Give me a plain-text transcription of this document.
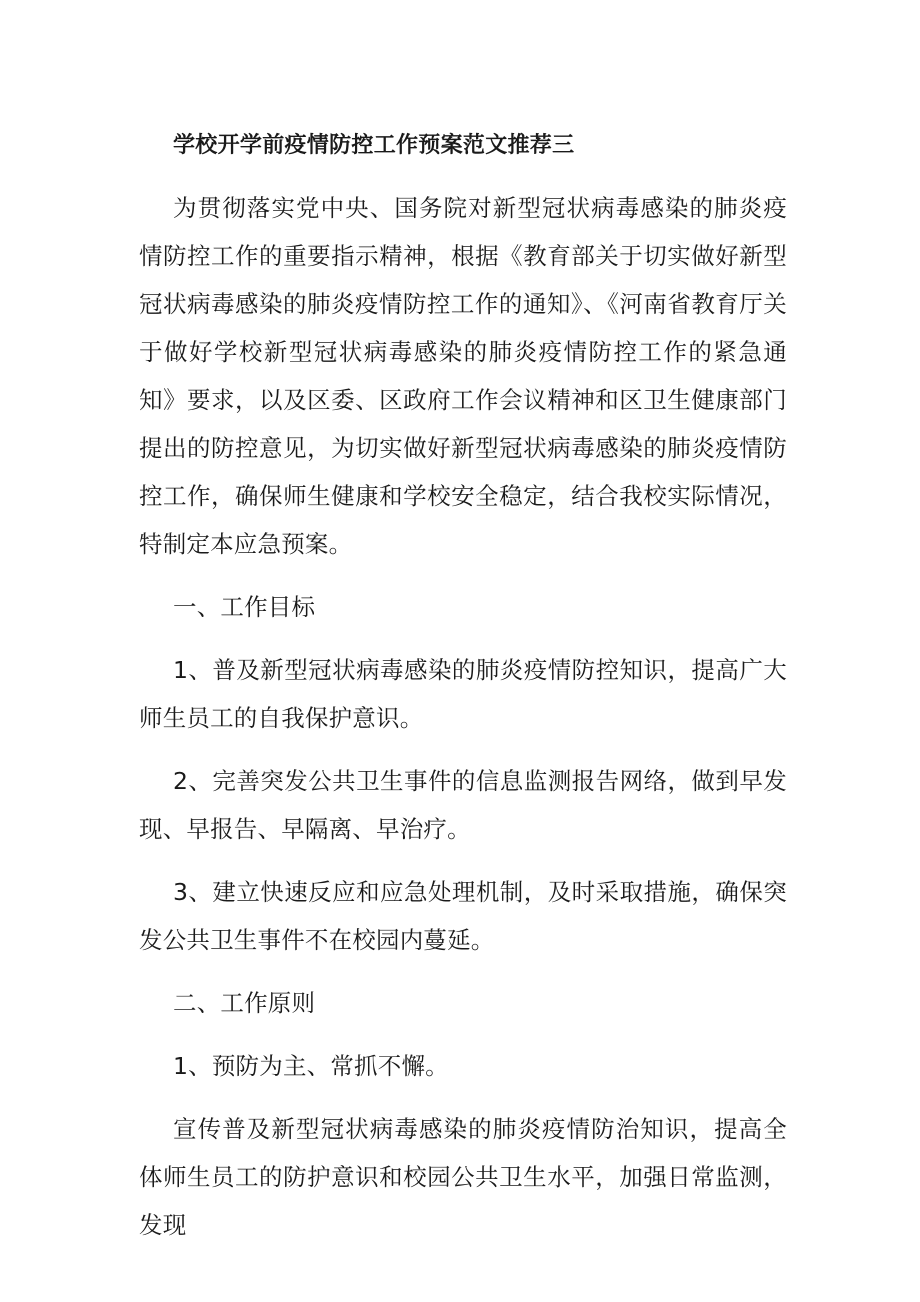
学校开学前疫情防控工作预案范文推荐三

为贯彻落实党中央、国务院对新型冠状病毒感染的肺炎疫情防控工作的重要指示精神，根据《教育部关于切实做好新型冠状病毒感染的肺炎疫情防控工作的通知》、《河南省教育厅关于做好学校新型冠状病毒感染的肺炎疫情防控工作的紧急通知》要求，以及区委、区政府工作会议精神和区卫生健康部门提出的防控意见，为切实做好新型冠状病毒感染的肺炎疫情防控工作，确保师生健康和学校安全稳定，结合我校实际情况，特制定本应急预案。

一、工作目标

1、普及新型冠状病毒感染的肺炎疫情防控知识，提高广大师生员工的自我保护意识。

2、完善突发公共卫生事件的信息监测报告网络，做到早发现、早报告、早隔离、早治疗。

3、建立快速反应和应急处理机制，及时采取措施，确保突发公共卫生事件不在校园内蔓延。

二、工作原则

1、预防为主、常抓不懈。

宣传普及新型冠状病毒感染的肺炎疫情防治知识，提高全体师生员工的防护意识和校园公共卫生水平，加强日常监测，发现
